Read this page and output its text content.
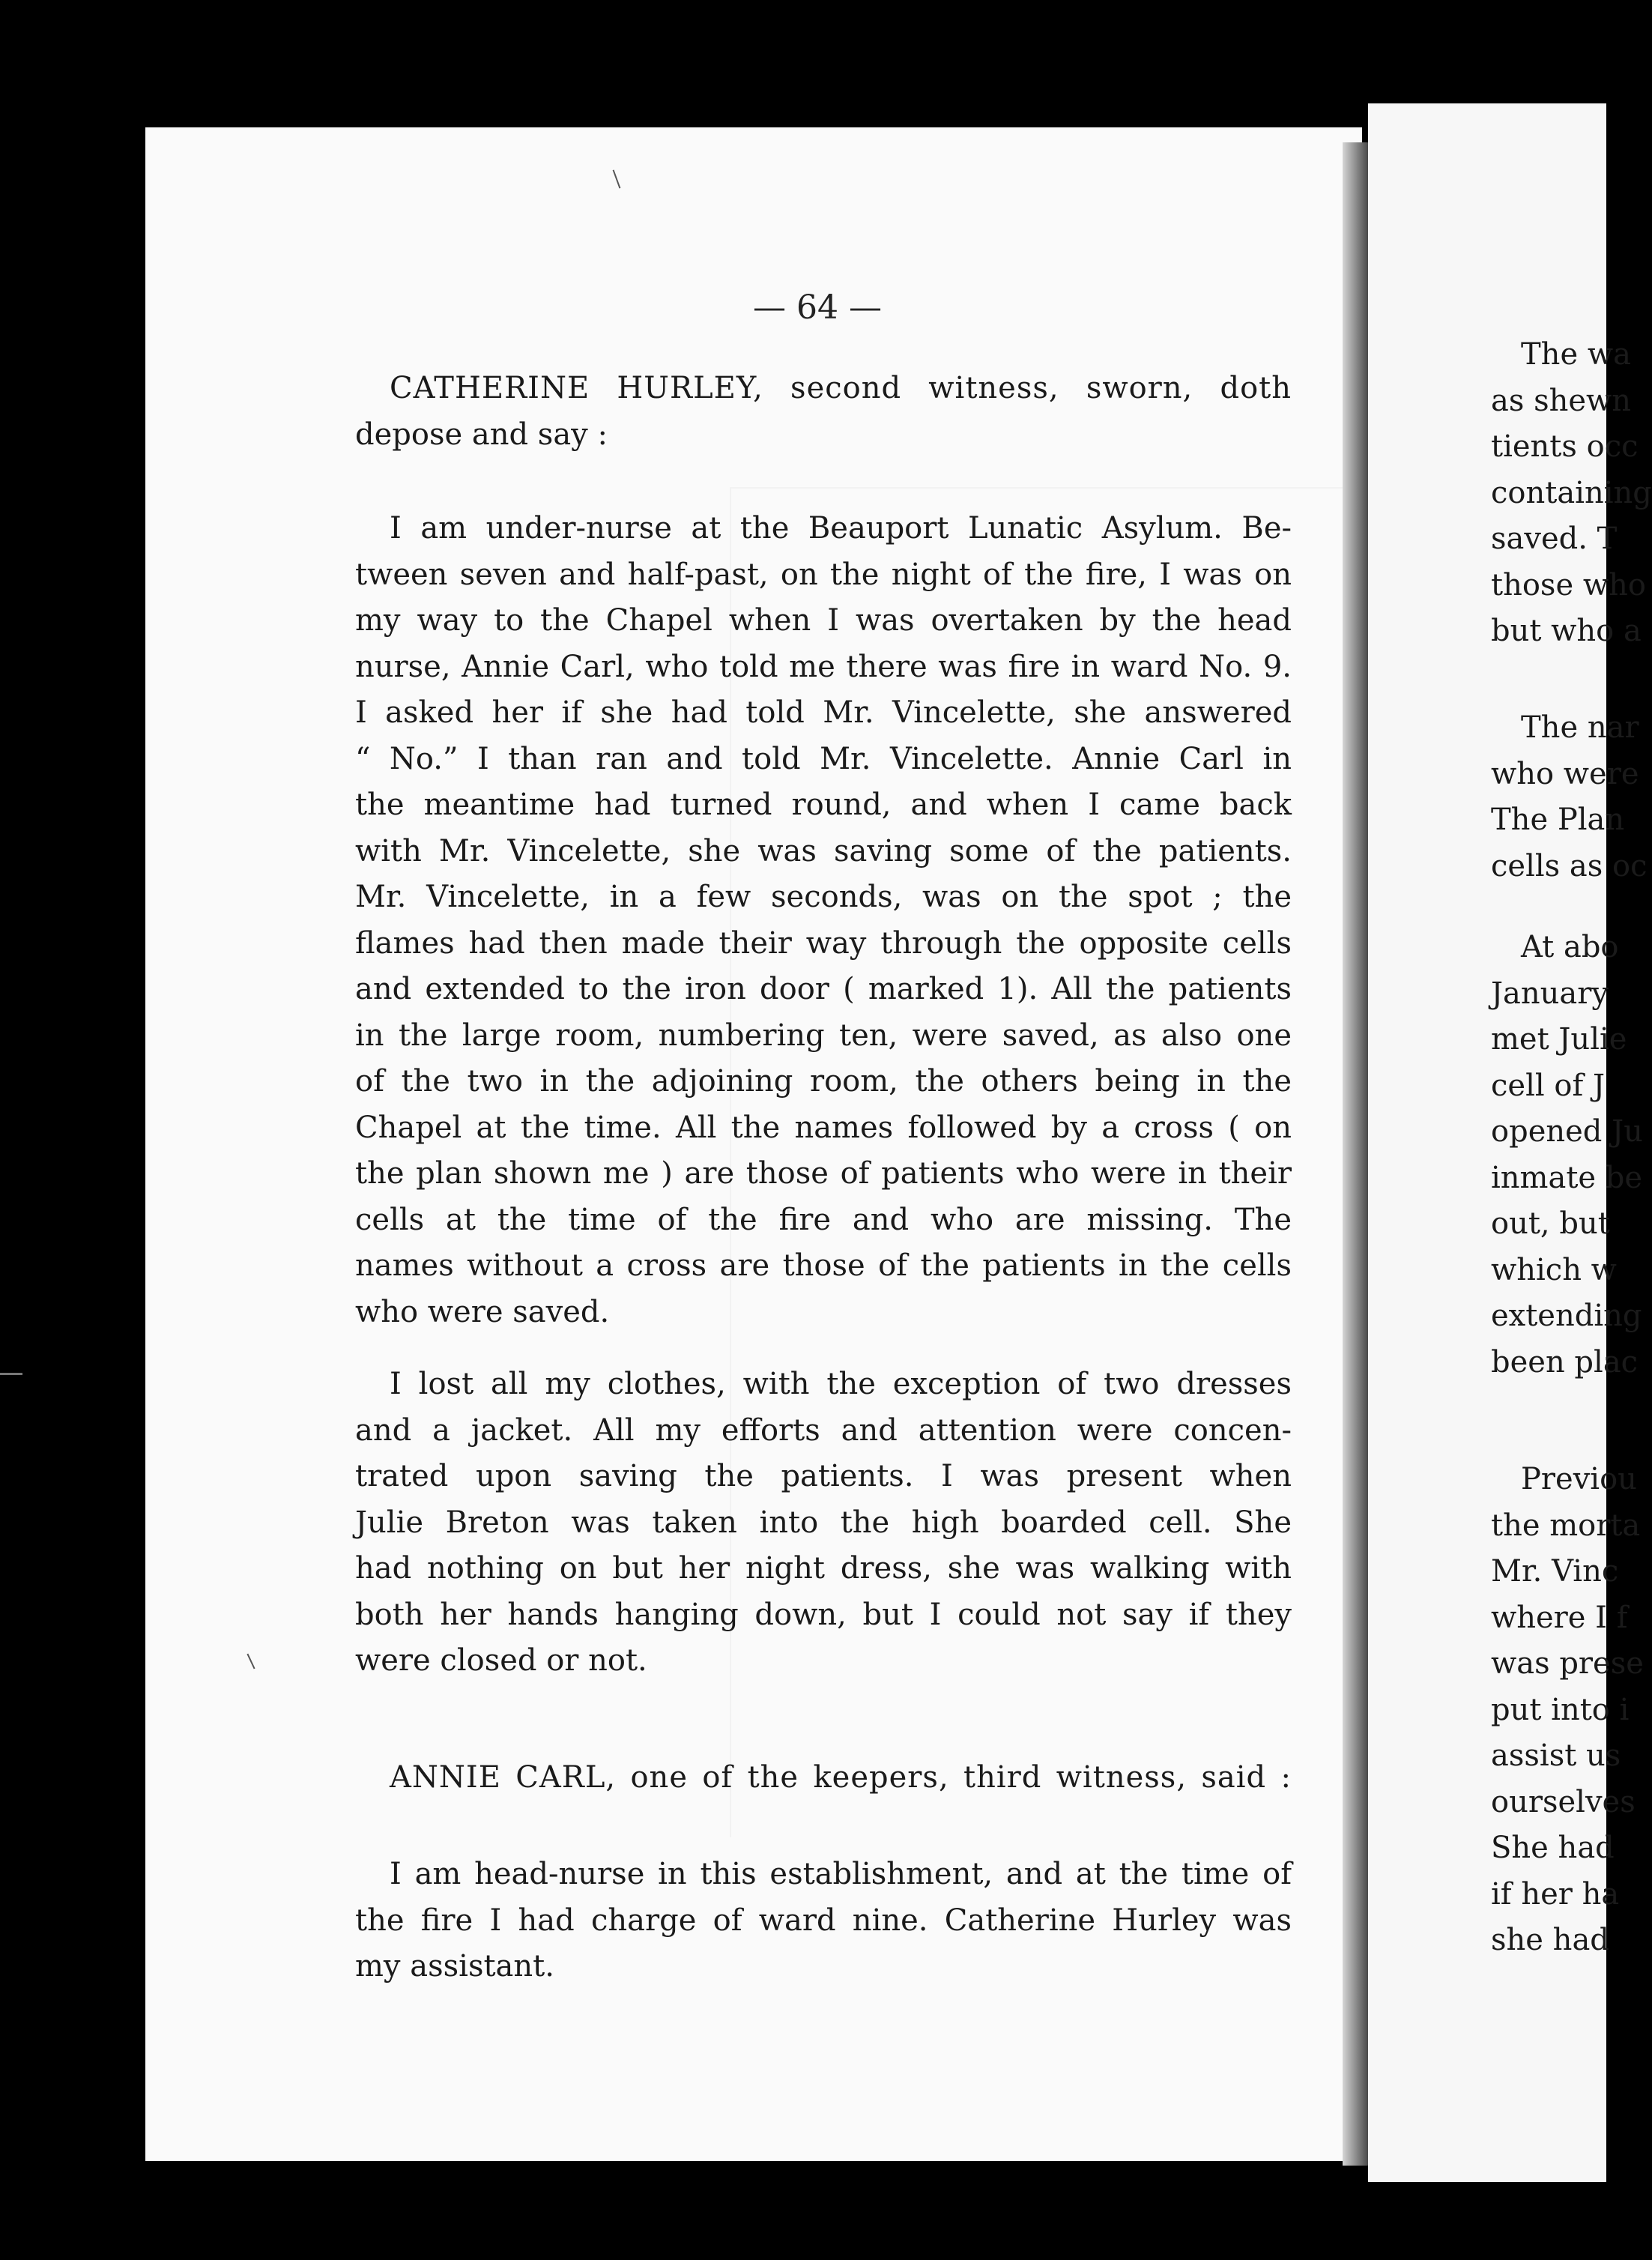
— 64 —
CATHERINE HURLEY, second witness, sworn, doth
depose and say :
I am under-nurse at the Beauport Lunatic Asylum. Be-
tween seven and half-past, on the night of the fire, I was on
my way to the Chapel when I was overtaken by the head
nurse, Annie Carl, who told me there was fire in ward No. 9.
I asked her if she had told Mr. Vincelette, she answered
“ No.” I than ran and told Mr. Vincelette. Annie Carl in
the meantime had turned round, and when I came back
with Mr. Vincelette, she was saving some of the patients.
Mr. Vincelette, in a few seconds, was on the spot ; the
flames had then made their way through the opposite cells
and extended to the iron door ( marked 1). All the patients
in the large room, numbering ten, were saved, as also one
of the two in the adjoining room, the others being in the
Chapel at the time. All the names followed by a cross ( on
the plan shown me ) are those of patients who were in their
cells at the time of the fire and who are missing. The
names without a cross are those of the patients in the cells
who were saved.
I lost all my clothes, with the exception of two dresses
and a jacket. All my efforts and attention were concen-
trated upon saving the patients. I was present when
Julie Breton was taken into the high boarded cell. She
had nothing on but her night dress, she was walking with
both her hands hanging down, but I could not say if they
were closed or not.
ANNIE CARL, one of the keepers, third witness, said :
I am head-nurse in this establishment, and at the time of
the fire I had charge of ward nine. Catherine Hurley was
my assistant.
The wa
as shewn
tients occ
containing
saved. T
those who
but who a
The nar
who were
The Plan
cells as oc
At abo
January
met Julie
cell of J
opened Ju
inmate be
out, but
which w
extending
been plac
Previou
the morta
Mr. Vinc
where I f
was prese
put into i
assist us
ourselves
She had
if her ha
she had
